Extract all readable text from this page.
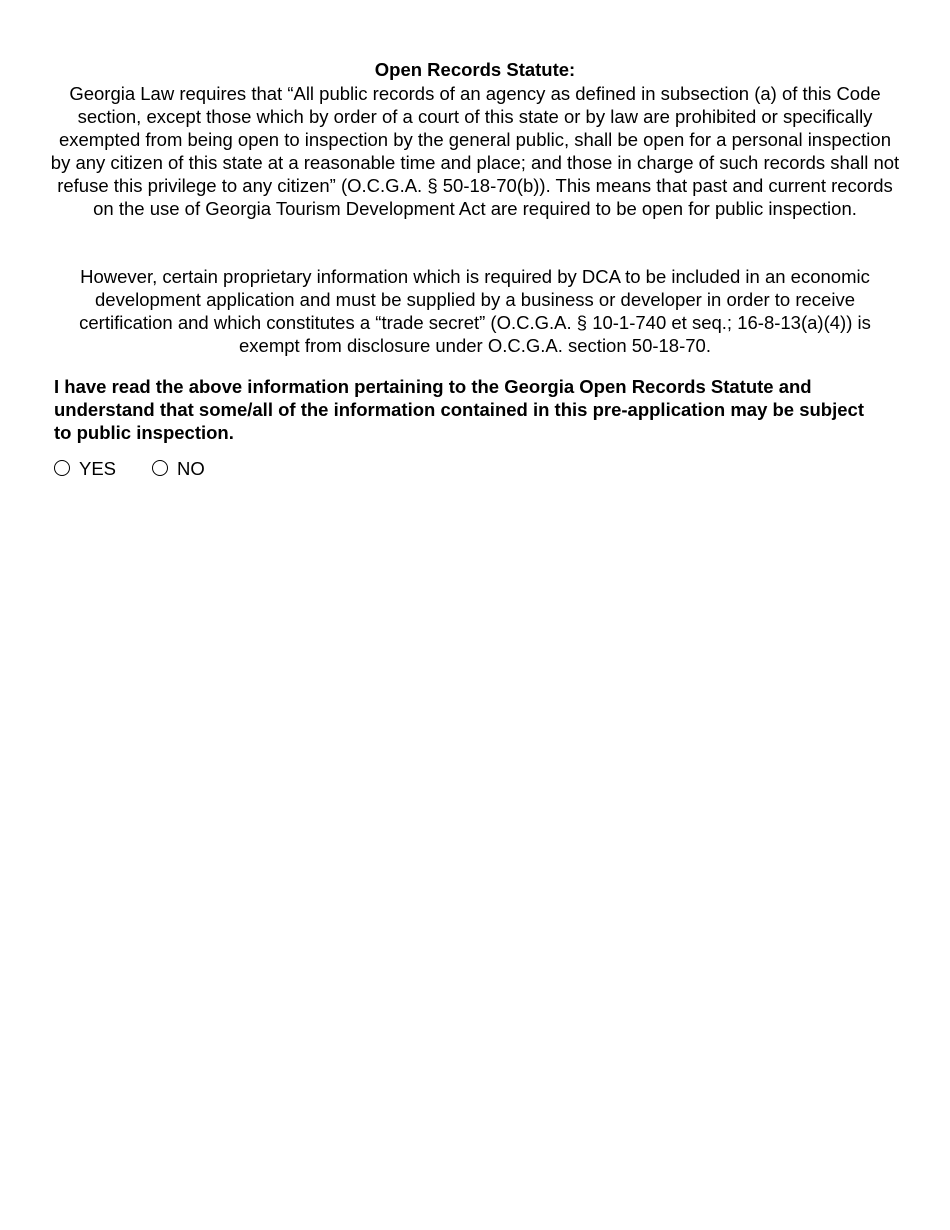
Open Records Statute:

Georgia Law requires that “All public records of an agency as defined in subsection (a) of this Code section, except those which by order of a court of this state or by law are prohibited or specifically exempted from being open to inspection by the general public, shall be open for a personal inspection by any citizen of this state at a reasonable time and place; and those in charge of such records shall not refuse this privilege to any citizen” (O.C.G.A. § 50-18-70(b)). This means that past and current records on the use of Georgia Tourism Development Act are required to be open for public inspection.

However, certain proprietary information which is required by DCA to be included in an economic development application and must be supplied by a business or developer in order to receive certification and which constitutes a “trade secret” (O.C.G.A. § 10-1-740 et seq.; 16-8-13(a)(4)) is exempt from disclosure under O.C.G.A. section 50-18-70.

I have read the above information pertaining to the Georgia Open Records Statute and understand that some/all of the information contained in this pre-application may be subject to public inspection.

YES	NO
